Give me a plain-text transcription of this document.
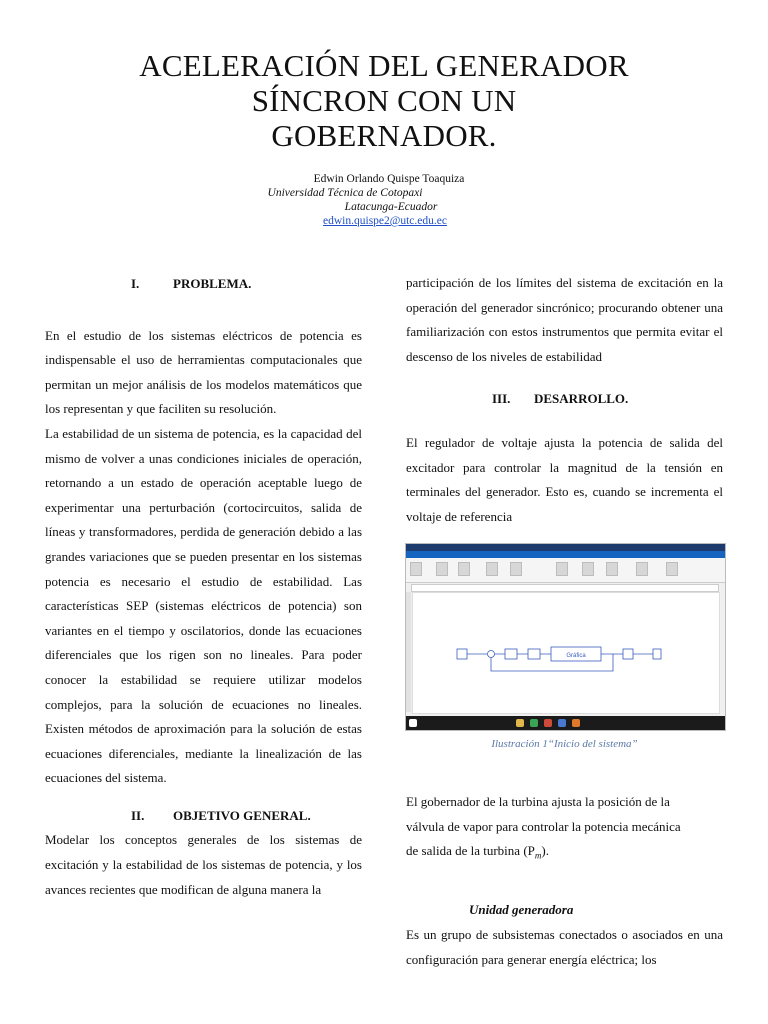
ACELERACIÓN DEL GENERADOR
SÍNCRON CON UN
GOBERNADOR.
Edwin Orlando Quispe Toaquiza
Universidad Técnica de Cotopaxi
Latacunga-Ecuador
edwin.quispe2@utc.edu.ec

I.	PROBLEMA.

En el estudio de los sistemas eléctricos de potencia es indispensable el uso de herramientas computacionales que permitan un mejor análisis de los modelos matemáticos que los representan y que faciliten su resolución.

La estabilidad de un sistema de potencia, es la capacidad del mismo de volver a unas condiciones iniciales de operación, retornando a un estado de operación aceptable luego de experimentar una perturbación (cortocircuitos, salida de líneas y transformadores, perdida de generación debido a las grandes variaciones que se pueden presentar en los sistemas potencia es necesario el estudio de estabilidad. Las características SEP (sistemas eléctricos de potencia) son variantes en el tiempo y oscilatorios, donde las ecuaciones diferenciales que los rigen son no lineales. Para poder conocer la estabilidad se requiere utilizar modelos complejos, para la solución de ecuaciones no lineales. Existen métodos de aproximación para la solución de estas ecuaciones diferenciales, mediante la linealización de las ecuaciones del sistema.

II. OBJETIVO GENERAL.

Modelar los conceptos generales de los sistemas de excitación y la estabilidad de los sistemas de potencia, y los avances recientes que modifican de alguna manera la

participación de los límites del sistema de excitación en la operación del generador sincrónico; procurando obtener una familiarización con estos instrumentos que permita evitar el descenso de los niveles de estabilidad

III. DESARROLLO.

El regulador de voltaje ajusta la potencia de salida del excitador para controlar la magnitud de la tensión en terminales del generador. Esto es, cuando se incrementa el voltaje de referencia

Gráfica
Ilustración 1“Inicio del sistema”

El gobernador de la turbina ajusta la posición de la válvula de vapor para controlar la potencia mecánica de salida de la turbina $(P_m)$.

Unidad generadora

Es un grupo de subsistemas conectados o asociados en una configuración para generar energía eléctrica; los
